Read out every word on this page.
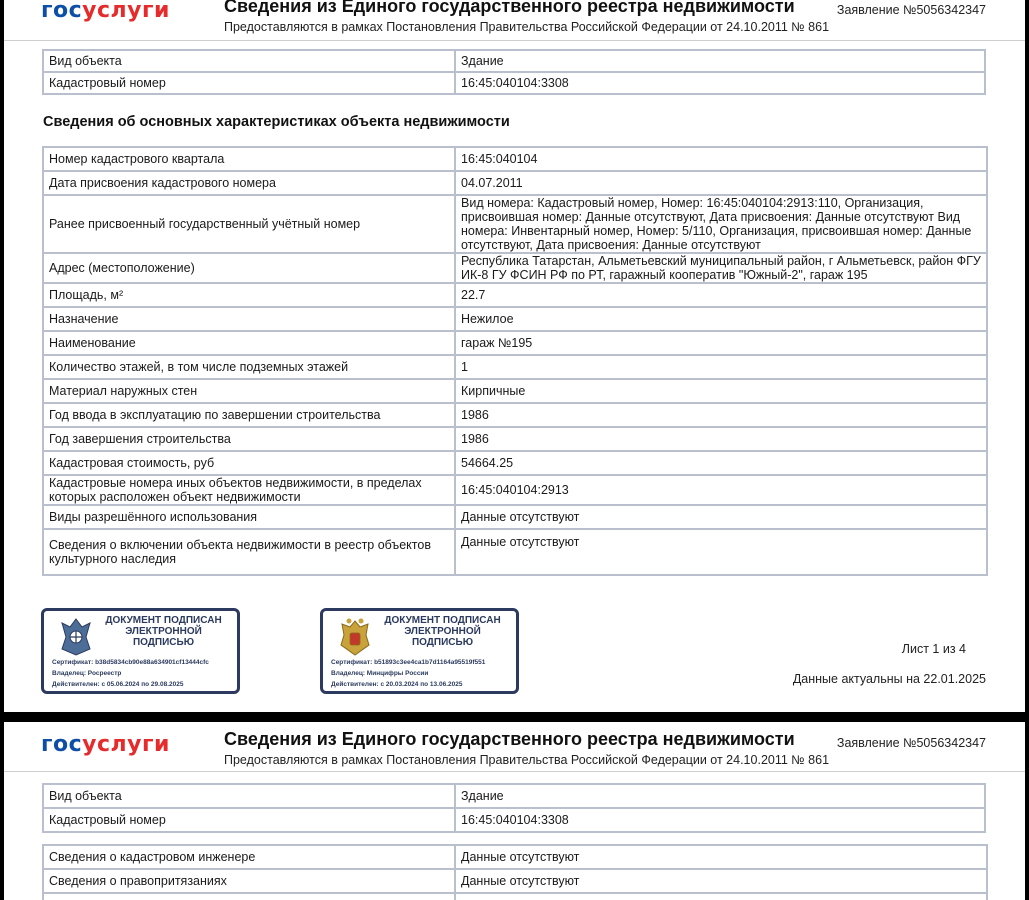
госуслуги	Сведения из Единого государственного реестра недвижимости
Предоставляются в рамках Постановления Правительства Российской Федерации от 24.10.2011 № 861
Заявление №5056342347
Вид объекта	Здание
Кадастровый номер	16:45:040104:3308
Сведения об основных характеристиках объекта недвижимости
Номер кадастрового квартала	16:45:040104
Дата присвоения кадастрового номера	04.07.2011
Ранее присвоенный государственный учётный номер	Вид номера: Кадастровый номер, Номер: 16:45:040104:2913:110, Организация, присвоившая номер: Данные отсутствуют, Дата присвоения: Данные отсутствуют Вид номера: Инвентарный номер, Номер: 5/110, Организация, присвоившая номер: Данные отсутствуют, Дата присвоения: Данные отсутствуют
Адрес (местоположение)	Республика Татарстан, Альметьевский муниципальный район, г Альметьевск, район ФГУ ИК-8 ГУ ФСИН РФ по РТ, гаражный кооператив "Южный-2", гараж 195
Площадь, м²	22.7
Назначение	Нежилое
Наименование	гараж №195
Количество этажей, в том числе подземных этажей	1
Материал наружных стен	Кирпичные
Год ввода в эксплуатацию по завершении строительства	1986
Год завершения строительства	1986
Кадастровая стоимость, руб	54664.25
Кадастровые номера иных объектов недвижимости, в пределах которых расположен объект недвижимости	16:45:040104:2913
Виды разрешённого использования	Данные отсутствуют
Сведения о включении объекта недвижимости в реестр объектов культурного наследия	Данные отсутствуют
ДОКУМЕНТ ПОДПИСАН ЭЛЕКТРОННОЙ ПОДПИСЬЮ
Сертификат: b38d5834cb90e88a634901cf13444cfc
Владелец: Росреестр
Действителен: с 05.06.2024 по 29.08.2025
ДОКУМЕНТ ПОДПИСАН ЭЛЕКТРОННОЙ ПОДПИСЬЮ
Сертификат: b51893c3ee4ca1b7d1164a95519f551
Владелец: Минцифры России
Действителен: с 20.03.2024 по 13.06.2025
Лист 1 из 4
Данные актуальны на 22.01.2025
госуслуги	Сведения из Единого государственного реестра недвижимости
Предоставляются в рамках Постановления Правительства Российской Федерации от 24.10.2011 № 861
Заявление №5056342347
Вид объекта	Здание
Кадастровый номер	16:45:040104:3308
Сведения о кадастровом инженере	Данные отсутствуют
Сведения о правопритязаниях	Данные отсутствуют
